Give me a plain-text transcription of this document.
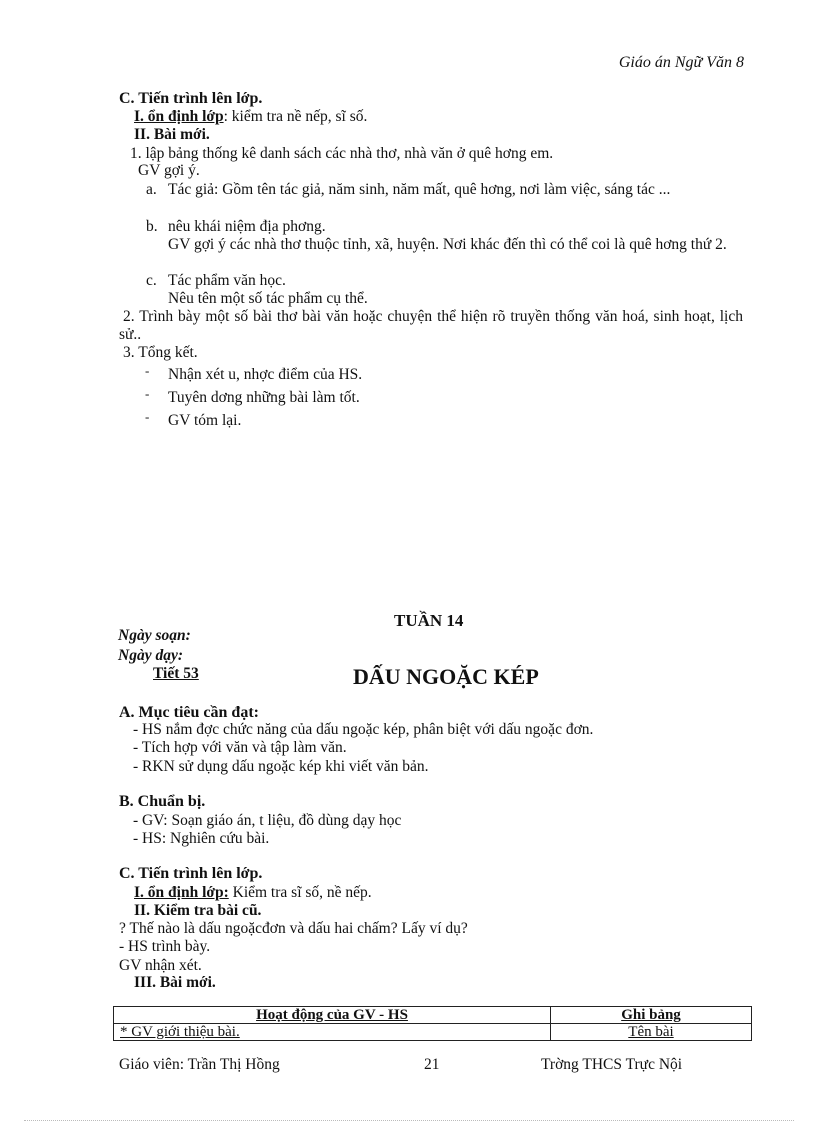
Giáo án Ngữ Văn 8
C. Tiến trình lên lớp.
I. ổn định lớp: kiểm tra nề nếp, sĩ số.
II. Bài mới.
1. lập bảng thống kê danh sách các nhà thơ, nhà văn ở quê hơng em.
GV gợi ý.
a. Tác giả: Gồm tên tác giả, năm sinh, năm mất, quê hơng, nơi làm việc, sáng tác ...
b. nêu khái niệm địa phơng.
GV gợi ý các nhà thơ thuộc tỉnh, xã, huyện. Nơi khác đến thì có thể coi là quê hơng thứ 2.
c. Tác phẩm văn học.
Nêu tên một số tác phẩm cụ thể.
2. Trình bày một số bài thơ bài văn hoặc chuyện thể hiện rõ truyền thống văn hoá, sinh hoạt, lịch sử..
3. Tổng kết.
- Nhận xét u, nhợc điểm của HS.
- Tuyên dơng những bài làm tốt.
- GV tóm lại.
TUẦN 14
Ngày soạn:
Ngày dạy:
Tiết 53	DẤU NGOẶC KÉP
A. Mục tiêu cần đạt:
- HS nắm đợc chức năng của dấu ngoặc kép, phân biệt với dấu ngoặc đơn.
- Tích hợp với văn và tập làm văn.
- RKN sử dụng dấu ngoặc kép khi viết văn bản.
B. Chuẩn bị.
- GV: Soạn giáo án, t liệu, đồ dùng dạy học
- HS: Nghiên cứu bài.
C. Tiến trình lên lớp.
I. ổn định lớp: Kiểm tra sĩ số, nề nếp.
II. Kiểm tra bài cũ.
? Thế nào là dấu ngoặcđơn và dấu hai chấm? Lấy ví dụ?
- HS trình bày.
GV nhận xét.
III. Bài mới.
Hoạt động của GV - HS	Ghi bảng
* GV giới thiệu bài.	Tên bài
Giáo viên: Trần Thị Hồng	21	Trờng THCS Trực Nội
